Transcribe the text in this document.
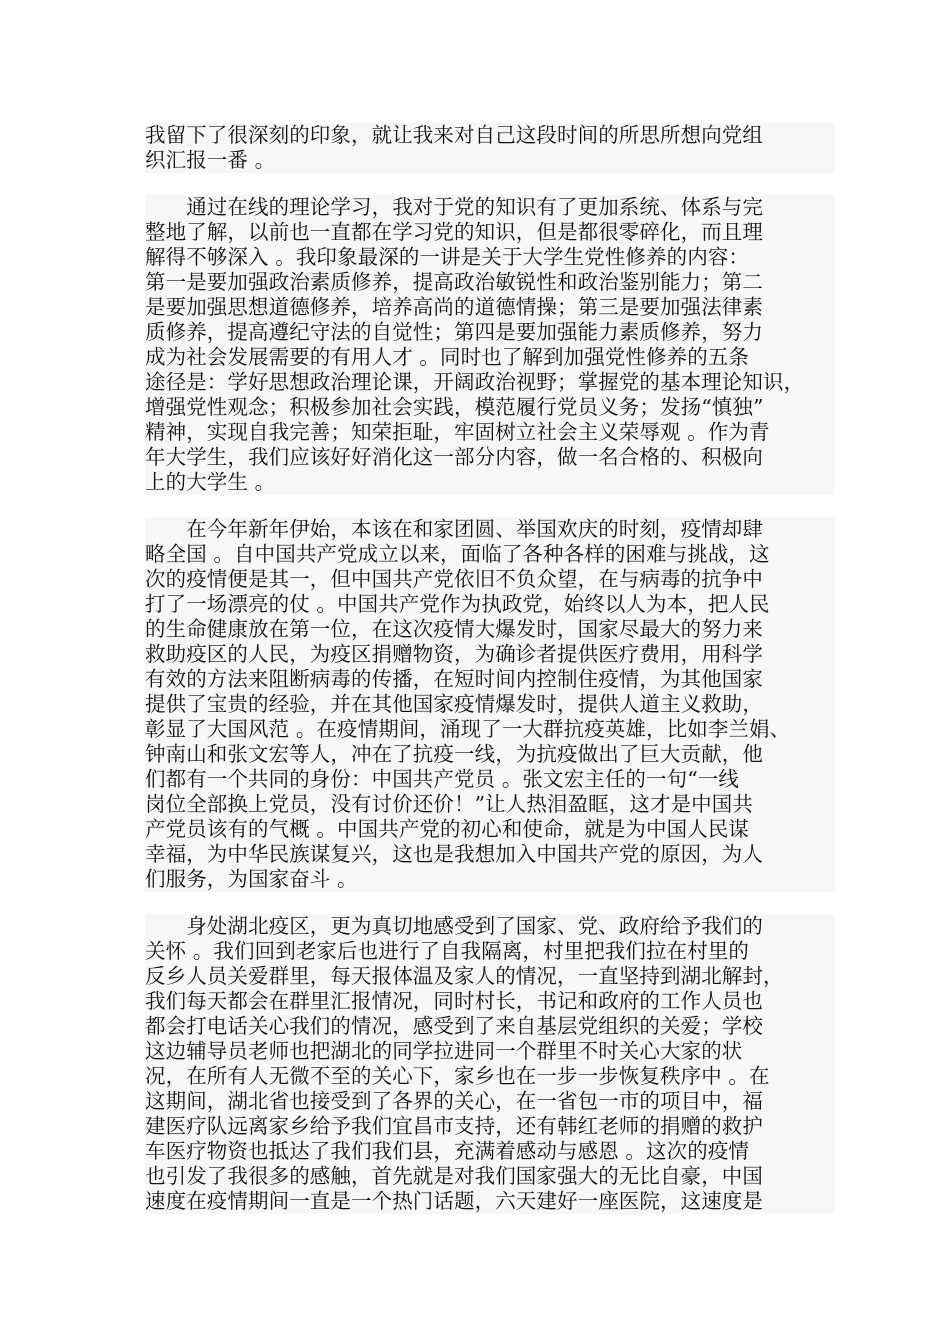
我留下了很深刻的印象，就让我来对自己这段时间的所思所想向党组
织汇报一番 。
　　通过在线的理论学习，我对于党的知识有了更加系统、体系与完
整地了解，以前也一直都在学习党的知识，但是都很零碎化，而且理
解得不够深入 。我印象最深的一讲是关于大学生党性修养的内容：
第一是要加强政治素质修养，提高政治敏锐性和政治鉴别能力；第二
是要加强思想道德修养，培养高尚的道德情操；第三是要加强法律素
质修养，提高遵纪守法的自觉性；第四是要加强能力素质修养，努力
成为社会发展需要的有用人才 。同时也了解到加强党性修养的五条
途径是：学好思想政治理论课，开阔政治视野；掌握党的基本理论知识，
增强党性观念；积极参加社会实践，模范履行党员义务；发扬“慎独”
精神，实现自我完善；知荣拒耻，牢固树立社会主义荣辱观 。作为青
年大学生，我们应该好好消化这一部分内容，做一名合格的、积极向
上的大学生 。
　　在今年新年伊始，本该在和家团圆、举国欢庆的时刻，疫情却肆
略全国 。自中国共产党成立以来，面临了各种各样的困难与挑战，这
次的疫情便是其一，但中国共产党依旧不负众望，在与病毒的抗争中
打了一场漂亮的仗 。中国共产党作为执政党，始终以人为本，把人民
的生命健康放在第一位，在这次疫情大爆发时，国家尽最大的努力来
救助疫区的人民，为疫区捐赠物资，为确诊者提供医疗费用，用科学
有效的方法来阻断病毒的传播，在短时间内控制住疫情，为其他国家
提供了宝贵的经验，并在其他国家疫情爆发时，提供人道主义救助，
彰显了大国风范 。在疫情期间，涌现了一大群抗疫英雄，比如李兰娟、
钟南山和张文宏等人，冲在了抗疫一线，为抗疫做出了巨大贡献，他
们都有一个共同的身份：中国共产党员 。张文宏主任的一句“一线
岗位全部换上党员，没有讨价还价！”让人热泪盈眶，这才是中国共
产党员该有的气概 。中国共产党的初心和使命，就是为中国人民谋
幸福，为中华民族谋复兴，这也是我想加入中国共产党的原因，为人
们服务，为国家奋斗 。
　　身处湖北疫区，更为真切地感受到了国家、党、政府给予我们的
关怀 。我们回到老家后也进行了自我隔离，村里把我们拉在村里的
反乡人员关爱群里，每天报体温及家人的情况，一直坚持到湖北解封，
我们每天都会在群里汇报情况，同时村长，书记和政府的工作人员也
都会打电话关心我们的情况，感受到了来自基层党组织的关爱；学校
这边辅导员老师也把湖北的同学拉进同一个群里不时关心大家的状
况，在所有人无微不至的关心下，家乡也在一步一步恢复秩序中 。在
这期间，湖北省也接受到了各界的关心，在一省包一市的项目中，福
建医疗队远离家乡给予我们宜昌市支持，还有韩红老师的捐赠的救护
车医疗物资也抵达了我们我们县，充满着感动与感恩 。这次的疫情
也引发了我很多的感触，首先就是对我们国家强大的无比自豪，中国
速度在疫情期间一直是一个热门话题，六天建好一座医院，这速度是
